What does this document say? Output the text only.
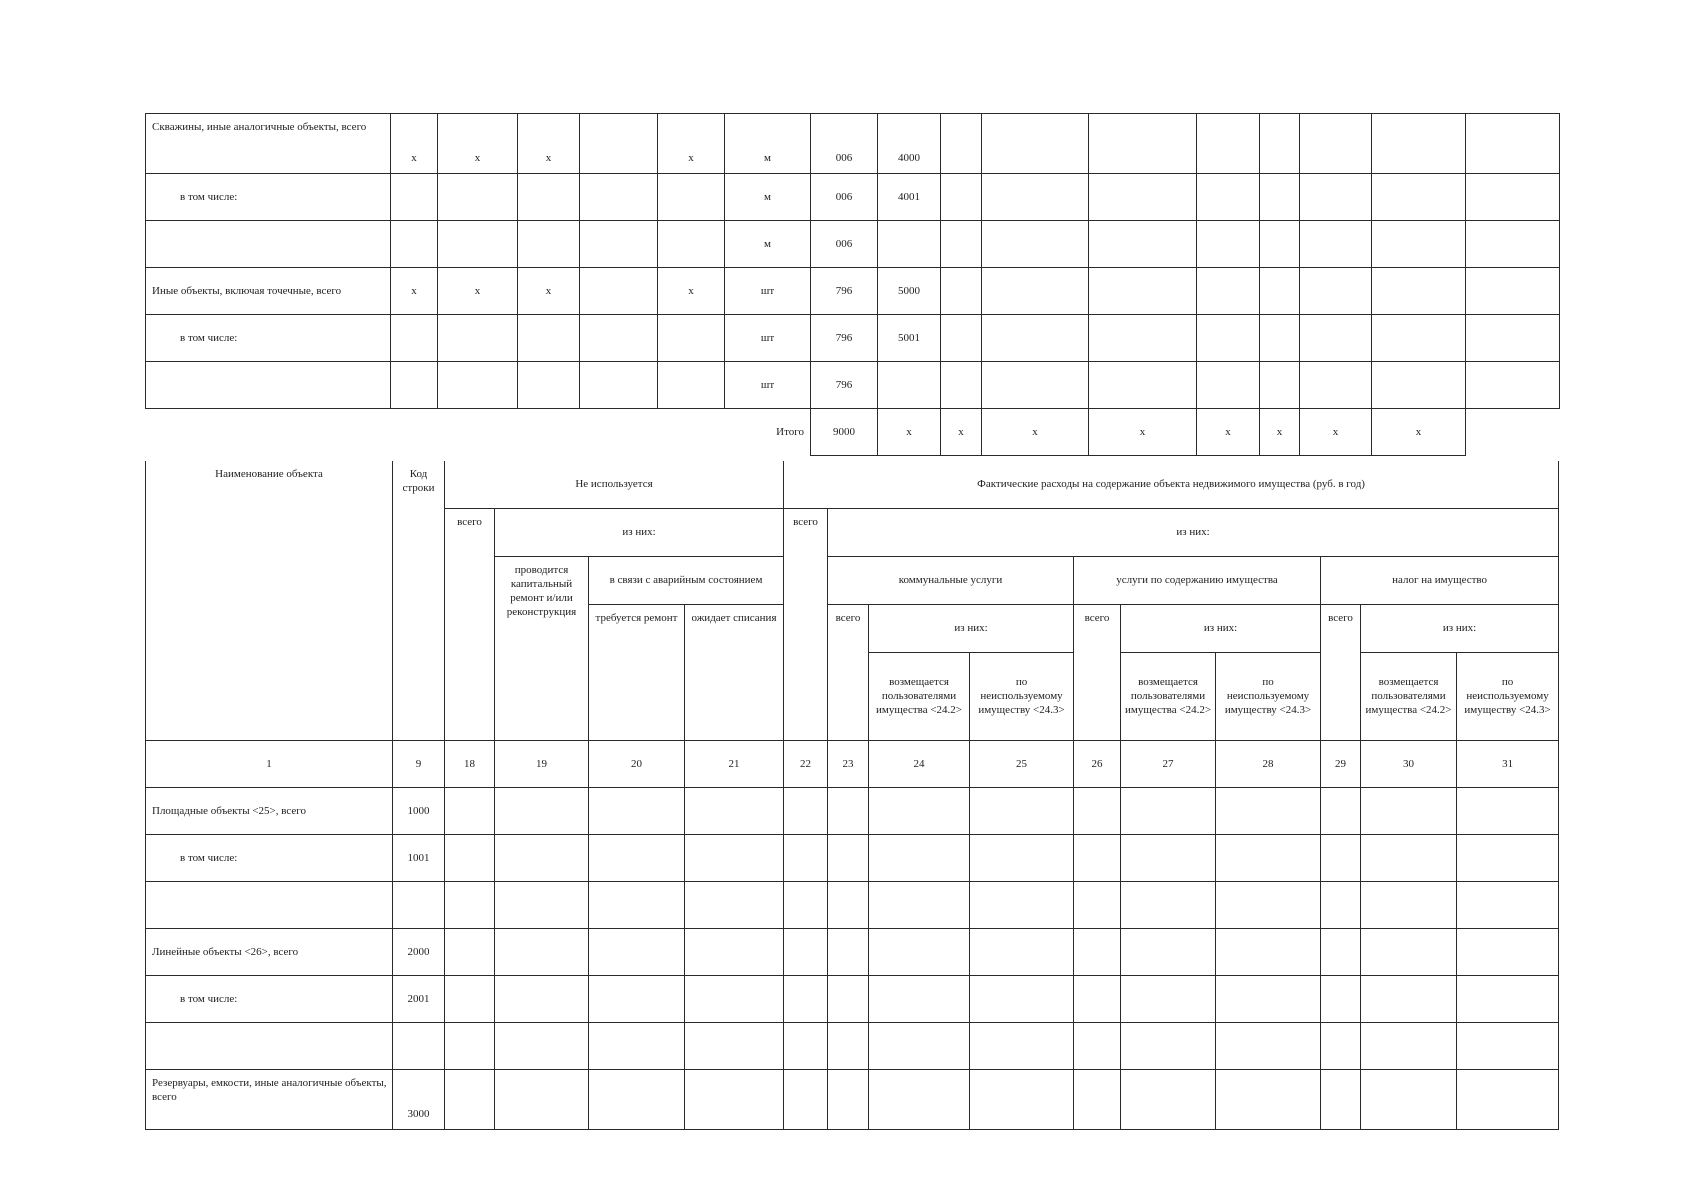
Скважины, иные аналогичные объекты, всего	х	х	х		х	м	006	4000								
в том числе:						м	006	4001								
						м	006									
Иные объекты, включая точечные, всего	х	х	х		х	шт	796	5000								
в том числе:						шт	796	5001								
						шт	796									
Итого							9000	х	х	х	х	х	х	х	х	
Наименование объекта	Код строки	Не используется				Фактические расходы на содержание объекта недвижимого имущества (руб. в год)									
		всего	из них:			всего	из них:								
			проводится капитальный ремонт и/или реконструкция	в связи с аварийным состоянием			коммунальные услуги			услуги по содержанию имущества			налог на имущество		
				требуется ремонт	ожидает списания		всего	из них:		всего	из них:		всего	из них:	
								возмещается пользователями имущества <24.2>	по неиспользуемому имуществу <24.3>		возмещается пользователями имущества <24.2>	по неиспользуемому имуществу <24.3>		возмещается пользователями имущества <24.2>	по неиспользуемому имуществу <24.3>

1	9	18	19	20	21	22	23	24	25	26	27	28	29	30	31
Площадные объекты <25>, всего	1000														
в том числе:	1001														

Линейные объекты <26>, всего	2000														
в том числе:	2001														

Резервуары, емкости, иные аналогичные объекты, всего	3000														
